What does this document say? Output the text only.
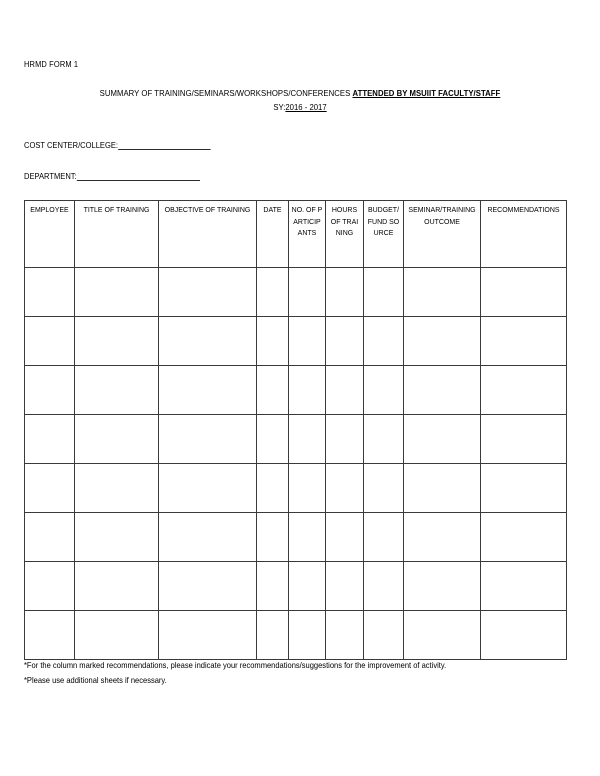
HRMD FORM 1
SUMMARY OF TRAINING/SEMINARS/WORKSHOPS/CONFERENCES ATTENDED BY MSUIIT FACULTY/STAFF
SY:2016 - 2017
COST CENTER/COLLEGE:
DEPARTMENT:
EMPLOYEE	TITLE OF TRAINING	OBJECTIVE OF TRAINING	DATE	NO. OF PARTICIPANTS	HOURS OF TRAINING	BUDGET/ FUND SOURCE	SEMINAR/TRAINING OUTCOME	RECOMMENDATIONS

*For the column marked recommendations, please indicate your recommendations/suggestions for the improvement of activity.
*Please use additional sheets if necessary.
